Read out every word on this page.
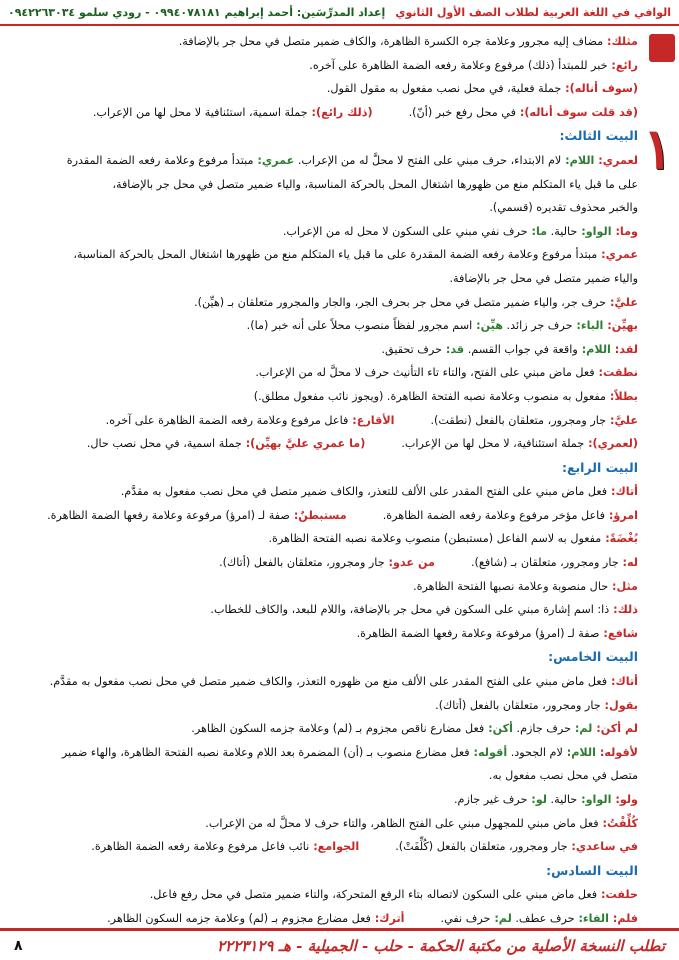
الوافي في اللغة العربية لطلاب الصف الأول الثانوي
إعداد المدرِّسَين: أحمد إبراهيم ٠٩٩٤٠٧٨١٨١ - رودي سلمو ٠٩٤٢٢٦٣٠٣٤
١
مثلك: مضاف إليه مجرور وعلامة جره الكسرة الظاهرة، والكاف ضمير متصل في محل جر بالإضافة.
رائع: خبر للمبتدأ (ذلك) مرفوع وعلامة رفعه الضمة الظاهرة على آخره.
(سوف أناله): جملة فعلية، في محل نصب مفعول به مقول القول.
(قد قلت سوف أناله): في محل رفع خبر (أنّ).(ذلك رائع): جملة اسمية، استئنافية لا محل لها من الإعراب.
البيت الثالث:
لعمري: اللام: لام الابتداء، حرف مبني على الفتح لا محلَّ له من الإعراب. عمري: مبتدأ مرفوع وعلامة رفعه الضمة المقدرة
على ما قبل ياء المتكلم منع من ظهورها اشتغال المحل بالحركة المناسبة، والياء ضمير متصل في محل جر بالإضافة،
والخبر محذوف تقديره (قسمي).
وما: الواو: حالية. ما: حرف نفي مبني على السكون لا محل له من الإعراب.
عمري: مبتدأ مرفوع وعلامة رفعه الضمة المقدرة على ما قبل ياء المتكلم منع من ظهورها اشتغال المحل بالحركة المناسبة،
والياء ضمير متصل في محل جر بالإضافة.
عليَّ: حرف جر، والياء ضمير متصل في محل جر بحرف الجر، والجار والمجرور متعلقان بـ (هيِّن).
بهيِّن: الباء: حرف جر زائد. هيِّن: اسم مجرور لفظاً منصوب محلاً على أنه خبر (ما).
لقد: اللام: واقعة في جواب القسم. قد: حرف تحقيق.
نطقت: فعل ماض مبني على الفتح، والتاء تاء التأنيث حرف لا محلَّ له من الإعراب.
بطلاً: مفعول به منصوب وعلامة نصبه الفتحة الظاهرة. (ويجوز نائب مفعول مطلق.)
عليَّ: جار ومجرور، متعلقان بالفعل (نطقت).الأقارع: فاعل مرفوع وعلامة رفعه الضمة الظاهرة على آخره.
(لعمري): جملة استئنافية، لا محل لها من الإعراب.(ما عمري عليَّ بهيِّن): جملة اسمية، في محل نصب حال.
البيت الرابع:
أتاك: فعل ماض مبني على الفتح المقدر على الألف للتعذر، والكاف ضمير متصل في محل نصب مفعول به مقدَّم.
امرؤ: فاعل مؤخر مرفوع وعلامة رفعه الضمة الظاهرة.مستبطنٌ: صفة لـ (امرؤ) مرفوعة وعلامة رفعها الضمة الظاهرة.
بُغْضَةً: مفعول به لاسم الفاعل (مستبطن) منصوب وعلامة نصبه الفتحة الظاهرة.
له: جار ومجرور، متعلقان بـ (شافع).من عدو: جار ومجرور، متعلقان بالفعل (أتاك).
مثل: حال منصوبة وعلامة نصبها الفتحة الظاهرة.
ذلك: ذا: اسم إشارة مبني على السكون في محل جر بالإضافة، واللام للبعد، والكاف للخطاب.
شافع: صفة لـ (امرؤ) مرفوعة وعلامة رفعها الضمة الظاهرة.
البيت الخامس:
أتاك: فعل ماض مبني على الفتح المقدر على الألف منع من ظهوره التعذر، والكاف ضمير متصل في محل نصب مفعول به مقدَّم.
بقول: جار ومجرور، متعلقان بالفعل (أتاك).
لم أكن: لم: حرف جازم. أكن: فعل مضارع ناقص مجزوم بـ (لم) وعلامة جزمه السكون الظاهر.
لأقوله: اللام: لام الجحود. أقوله: فعل مضارع منصوب بـ (أن) المضمرة بعد اللام وعلامة نصبه الفتحة الظاهرة، والهاء ضمير
متصل في محل نصب مفعول به.
ولو: الواو: حالية. لو: حرف غير جازم.
كُلِّفْتُ: فعل ماض مبني للمجهول مبني على الفتح الظاهر، والتاء حرف لا محلَّ له من الإعراب.
في ساعدي: جار ومجرور، متعلقان بالفعل (كُلِّفَتْ).الجوامع: نائب فاعل مرفوع وعلامة رفعه الضمة الظاهرة.
البيت السادس:
حلفت: فعل ماض مبني على السكون لاتصاله بتاء الرفع المتحركة، والتاء ضمير متصل في محل رفع فاعل.
فلم: الفاء: حرف عطف. لم: حرف نفي.أترك: فعل مضارع مجزوم بـ (لم) وعلامة جزمه السكون الظاهر.
تطلب النسخة الأصلية من مكتبة الحكمة - حلب - الجميلية - هـ ٢٢٢٣١٢٩
٨
